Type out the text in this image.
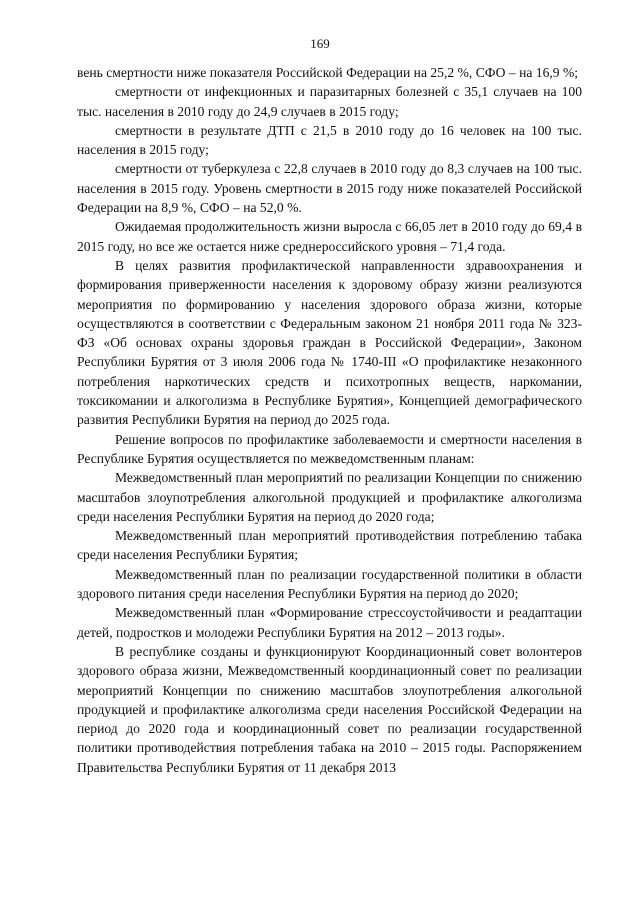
169

вень смертности ниже показателя Российской Федерации на 25,2 %, СФО – на 16,9 %;

смертности от инфекционных и паразитарных болезней с 35,1 случаев на 100 тыс. населения в 2010 году до 24,9 случаев в 2015 году;

смертности в результате ДТП с 21,5 в 2010 году до 16 человек на 100 тыс. населения в 2015 году;

смертности от туберкулеза с 22,8 случаев в 2010 году до 8,3 случаев на 100 тыс. населения в 2015 году. Уровень смертности в 2015 году ниже показателей Российской Федерации на 8,9 %, СФО – на 52,0 %.

Ожидаемая продолжительность жизни выросла с 66,05 лет в 2010 году до 69,4 в 2015 году, но все же остается ниже среднероссийского уровня – 71,4 года.

В целях развития профилактической направленности здравоохранения и формирования приверженности населения к здоровому образу жизни реализуются мероприятия по формированию у населения здорового образа жизни, которые осуществляются в соответствии с Федеральным законом 21 ноября 2011 года № 323-ФЗ «Об основах охраны здоровья граждан в Российской Федерации», Законом Республики Бурятия от 3 июля 2006 года № 1740-III «О профилактике незаконного потребления наркотических средств и психотропных веществ, наркомании, токсикомании и алкоголизма в Республике Бурятия», Концепцией демографического развития Республики Бурятия на период до 2025 года.

Решение вопросов по профилактике заболеваемости и смертности населения в Республике Бурятия осуществляется по межведомственным планам:

Межведомственный план мероприятий по реализации Концепции по снижению масштабов злоупотребления алкогольной продукцией и профилактике алкоголизма среди населения Республики Бурятия на период до 2020 года;

Межведомственный план мероприятий противодействия потреблению табака среди населения Республики Бурятия;

Межведомственный план по реализации государственной политики в области здорового питания среди населения Республики Бурятия на период до 2020;

Межведомственный план «Формирование стрессоустойчивости и реадаптации детей, подростков и молодежи Республики Бурятия на 2012 – 2013 годы».

В республике созданы и функционируют Координационный совет волонтеров здорового образа жизни, Межведомственный координационный совет по реализации мероприятий Концепции по снижению масштабов злоупотребления алкогольной продукцией и профилактике алкоголизма среди населения Российской Федерации на период до 2020 года и координационный совет по реализации государственной политики противодействия потребления табака на 2010 – 2015 годы. Распоряжением Правительства Республики Бурятия от 11 декабря 2013
